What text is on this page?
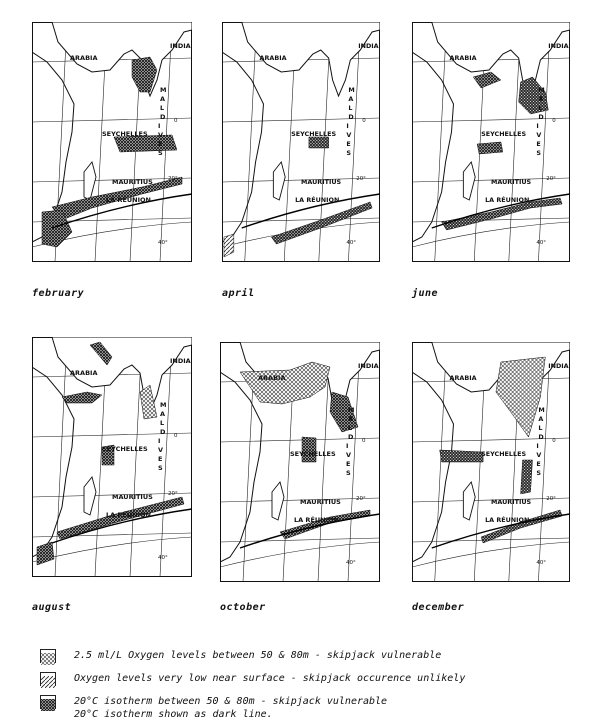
ARABIA
INDIA
SEYCHELLES
MAURITIUS
LA RÉUNION
0
20°
40°
M
A
L
D
I
V
E
S
february
ARABIA
INDIA
SEYCHELLES
MAURITIUS
LA RÉUNION
0
20°
40°
M
A
L
D
I
V
E
S
april
ARABIA
INDIA
SEYCHELLES
MAURITIUS
LA RÉUNION
0
20°
40°
M
A
L
D
I
V
E
S
june
ARABIA
INDIA
SEYCHELLES
MAURITIUS
LA RÉUNION
0
20°
40°
M
A
L
D
I
V
E
S
august
ARABIA
INDIA
SEYCHELLES
MAURITIUS
LA RÉUNION
0
20°
40°
M
A
L
D
I
V
E
S
october
ARABIA
INDIA
SEYCHELLES
MAURITIUS
LA RÉUNION
0
20°
40°
M
A
L
D
I
V
E
S
december
2.5 ml/L Oxygen levels between 50 & 80m - skipjack vulnerable
Oxygen levels very low near surface - skipjack occurence unlikely
20°C isotherm between 50 & 80m - skipjack vulnerable
20°C isotherm shown as dark line.
